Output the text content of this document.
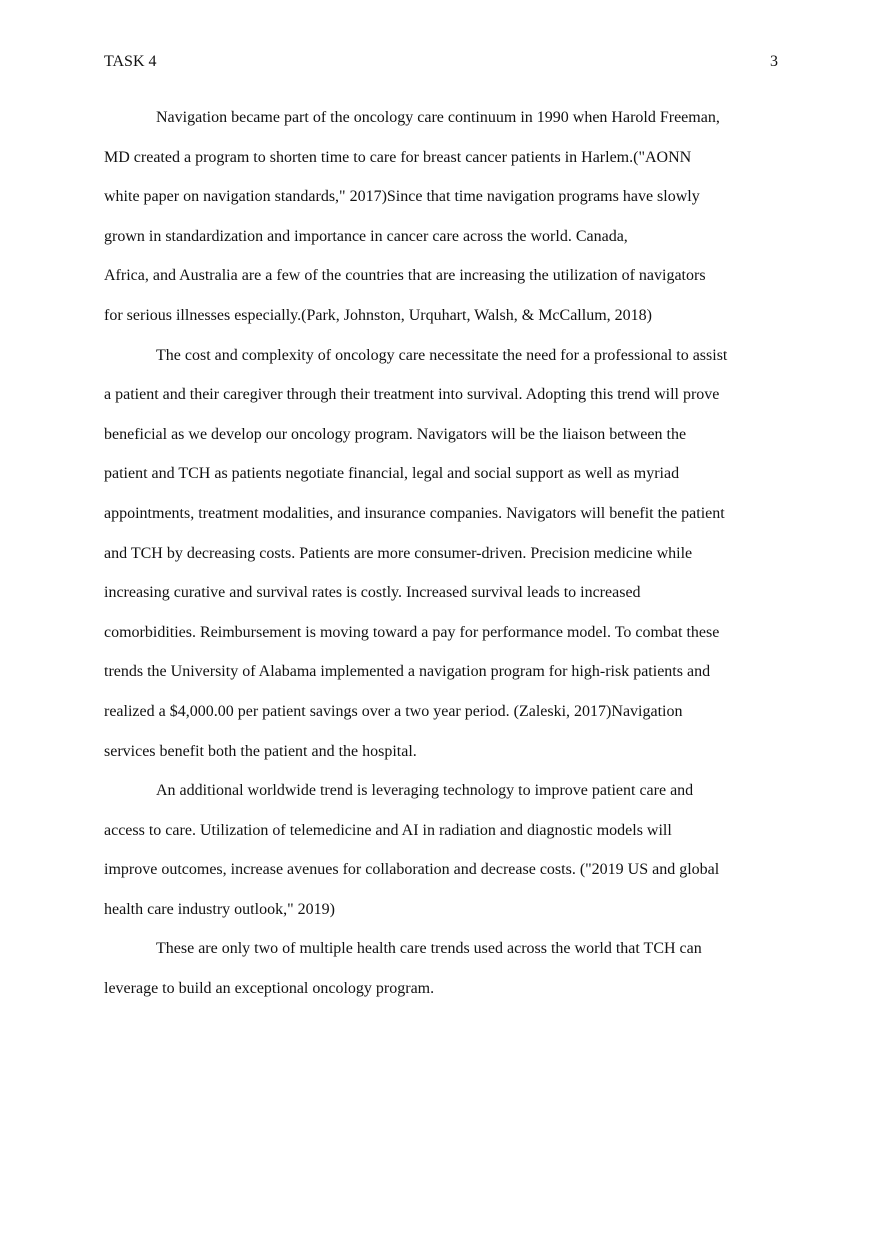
TASK 4	3
Navigation became part of the oncology care continuum in 1990 when Harold Freeman,
MD created a program to shorten time to care for breast cancer patients in Harlem.("AONN
white paper on navigation standards," 2017)Since that time navigation programs have slowly
grown in standardization and importance in cancer care across the world. Canada,
Africa, and Australia are a few of the countries that are increasing the utilization of navigators
for serious illnesses especially.(Park, Johnston, Urquhart, Walsh, & McCallum, 2018)
The cost and complexity of oncology care necessitate the need for a professional to assist
a patient and their caregiver through their treatment into survival. Adopting this trend will prove
beneficial as we develop our oncology program. Navigators will be the liaison between the
patient and TCH as patients negotiate financial, legal and social support as well as myriad
appointments, treatment modalities, and insurance companies. Navigators will benefit the patient
and TCH by decreasing costs. Patients are more consumer-driven. Precision medicine while
increasing curative and survival rates is costly. Increased survival leads to increased
comorbidities. Reimbursement is moving toward a pay for performance model. To combat these
trends the University of Alabama implemented a navigation program for high-risk patients and
realized a $4,000.00 per patient savings over a two year period. (Zaleski, 2017)Navigation
services benefit both the patient and the hospital.
An additional worldwide trend is leveraging technology to improve patient care and
access to care. Utilization of telemedicine and AI in radiation and diagnostic models will
improve outcomes, increase avenues for collaboration and decrease costs. ("2019 US and global
health care industry outlook," 2019)
These are only two of multiple health care trends used across the world that TCH can
leverage to build an exceptional oncology program.
